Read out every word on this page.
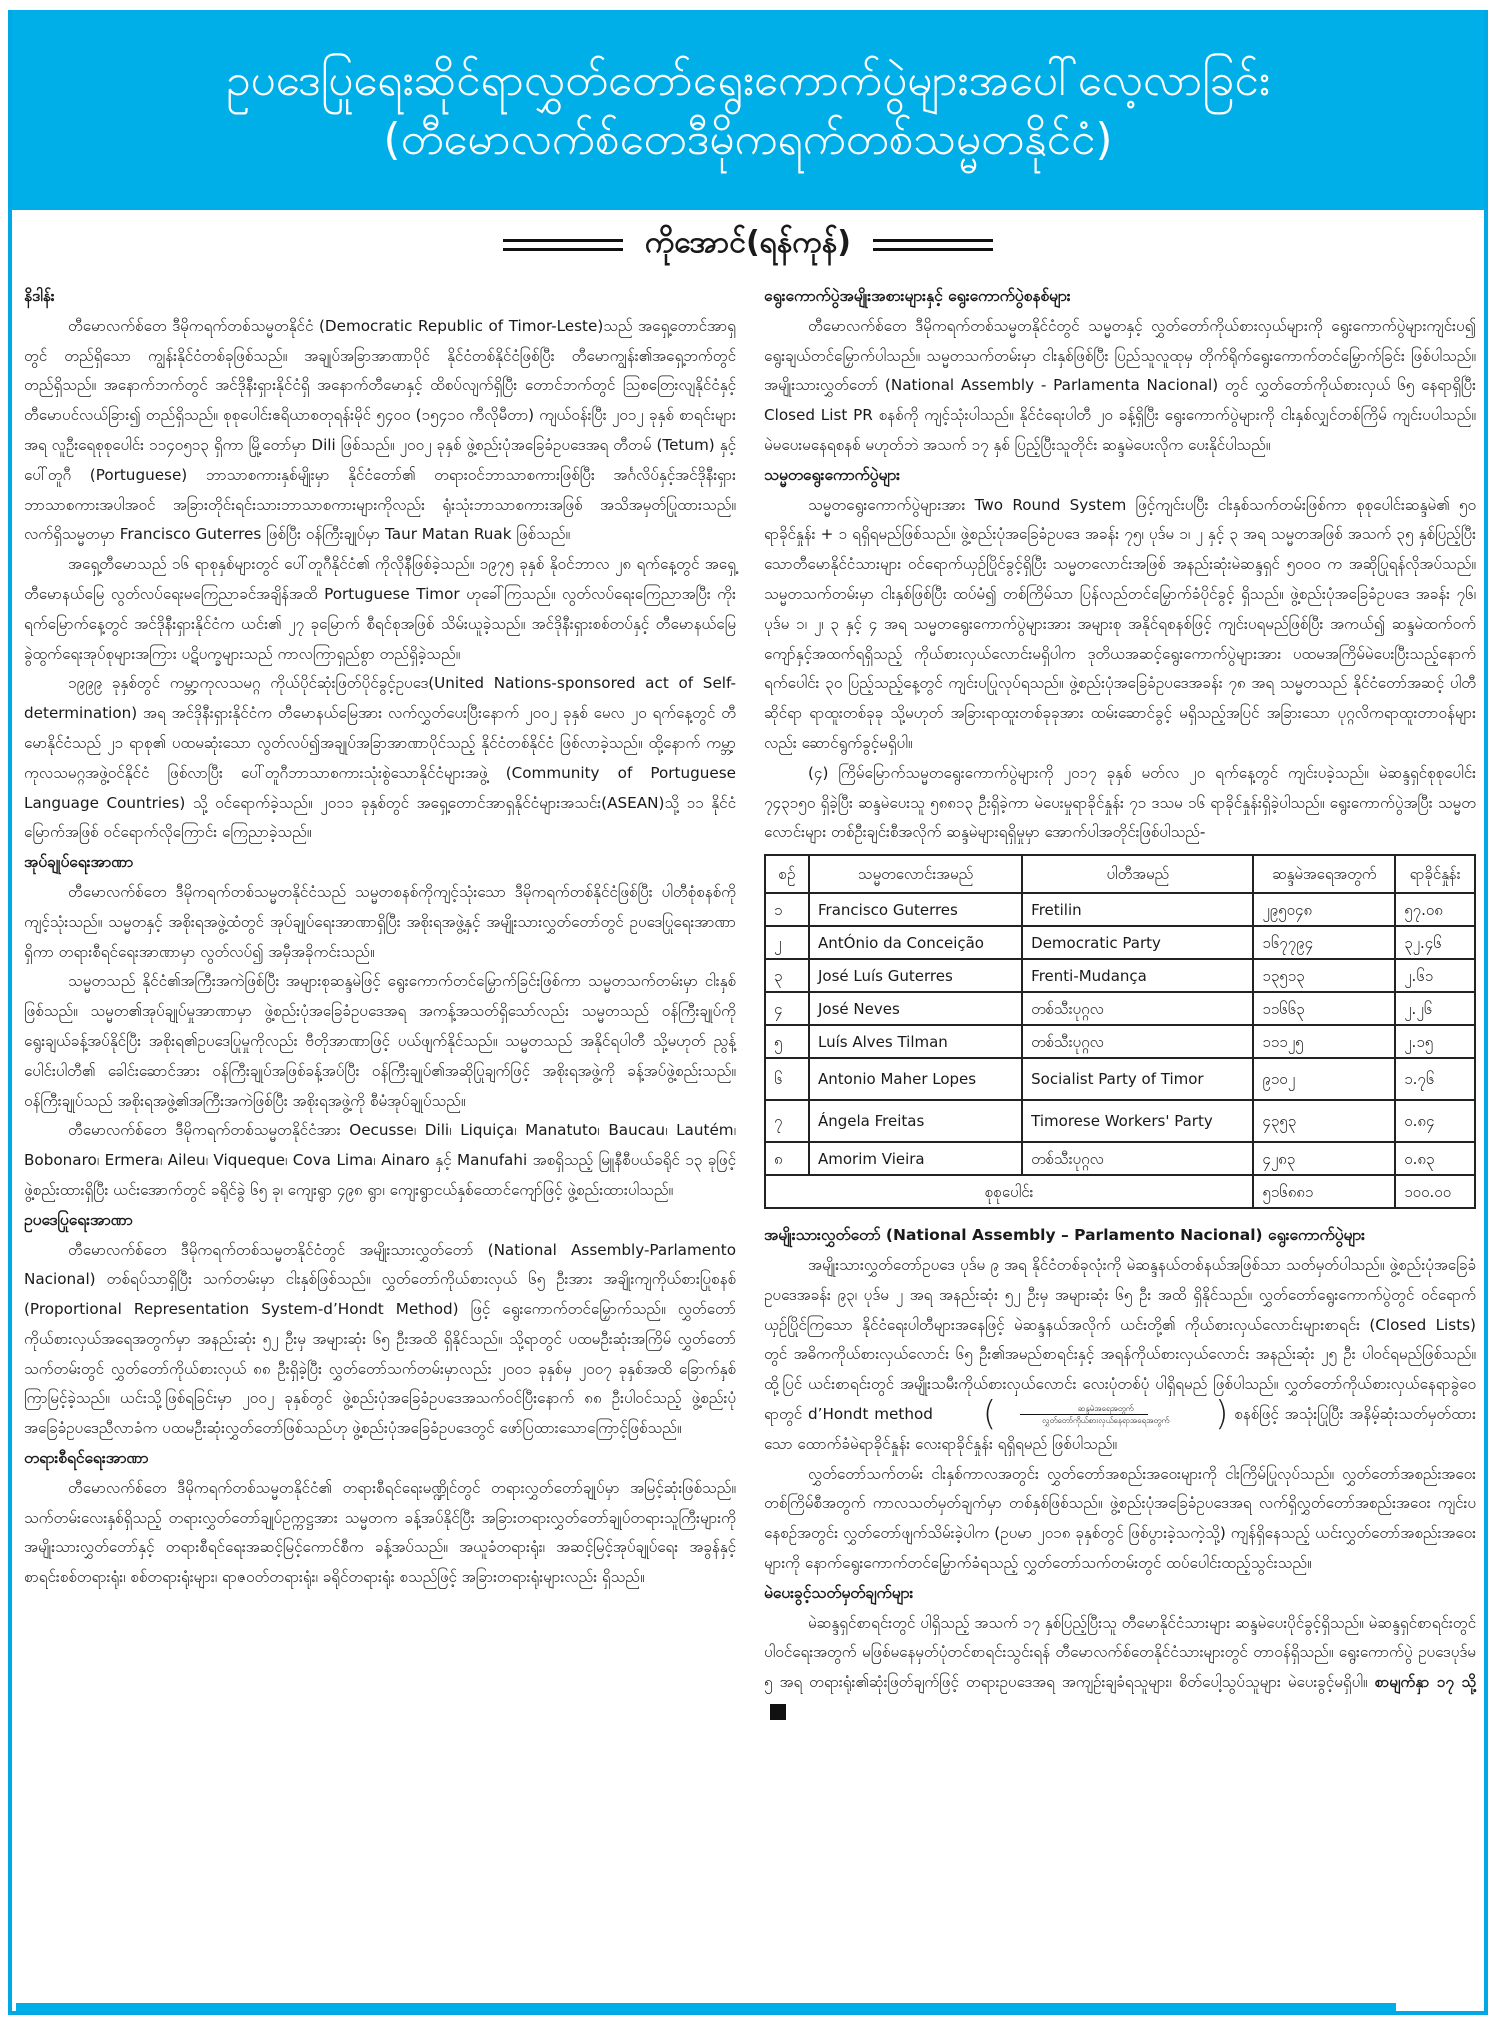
ဥပဒေပြုရေးဆိုင်ရာလွှတ်တော်ရွေးကောက်ပွဲများအပေါ်လေ့လာခြင်း
(တီမောလက်စ်တေဒီမိုကရက်တစ်သမ္မတနိုင်ငံ)
ကိုအောင်(ရန်ကုန်)
နိဒါန်း

တီမောလက်စ်တေ ဒီမိုကရက်တစ်သမ္မတနိုင်ငံ (Democratic Republic of Timor-Leste)သည် အရှေ့တောင်အာရှတွင် တည်ရှိသော ကျွန်းနိုင်ငံတစ်ခုဖြစ်သည်။ အချုပ်အခြာအာဏာပိုင် နိုင်ငံတစ်နိုင်ငံဖြစ်ပြီး တီမောကျွန်း၏အရှေ့ဘက်တွင် တည်ရှိသည်။ အနောက်ဘက်တွင် အင်ဒိုနီးရှားနိုင်ငံရှိ အနောက်တီမောနှင့် ထိစပ်လျက်ရှိပြီး တောင်ဘက်တွင် ဩစတြေးလျနိုင်ငံနှင့် တီမောပင်လယ်ခြား၍ တည်ရှိသည်။ စုစုပေါင်းဧရိယာစတုရန်းမိုင် ၅၄၀၀ (၁၅၄၁၀ ကီလိုမီတာ) ကျယ်ဝန်းပြီး ၂၀၁၂ ခုနှစ် စာရင်းများအရ လူဦးရေစုစုပေါင်း ၁၁၄၀၅၁၃ ရှိကာ မြို့တော်မှာ Dili ဖြစ်သည်။ ၂၀၀၂ ခုနှစ် ဖွဲ့စည်းပုံအခြေခံဥပဒေအရ တီတမ် (Tetum) နှင့် ပေါ်တူဂီ (Portuguese) ဘာသာစကားနှစ်မျိုးမှာ နိုင်ငံတော်၏ တရားဝင်ဘာသာစကားဖြစ်ပြီး အင်္ဂလိပ်နှင့်အင်ဒိုနီးရှားဘာသာစကားအပါအဝင် အခြားတိုင်းရင်းသားဘာသာစကားများကိုလည်း ရုံးသုံးဘာသာစကားအဖြစ် အသိအမှတ်ပြုထားသည်။ လက်ရှိသမ္မတမှာ Francisco Guterres ဖြစ်ပြီး ဝန်ကြီးချုပ်မှာ Taur Matan Ruak ဖြစ်သည်။

အရှေ့တီမောသည် ၁၆ ရာစုနှစ်များတွင် ပေါ်တူဂီနိုင်ငံ၏ ကိုလိုနီဖြစ်ခဲ့သည်။ ၁၉၇၅ ခုနှစ် နိုဝင်ဘာလ ၂၈ ရက်နေ့တွင် အရှေ့တီမောနယ်မြေ လွတ်လပ်ရေးမကြေညာခင်အချိန်အထိ Portuguese Timor ဟုခေါ်ကြသည်။ လွတ်လပ်ရေးကြေညာအပြီး ကိုးရက်မြောက်နေ့တွင် အင်ဒိုနီးရှားနိုင်ငံက ယင်း၏ ၂၇ ခုမြောက် စီရင်စုအဖြစ် သိမ်းယူခဲ့သည်။ အင်ဒိုနီးရှားစစ်တပ်နှင့် တီမောနယ်မြေ ခွဲထွက်ရေးအုပ်စုများအကြား ပဋိပက္ခများသည် ကာလကြာရှည်စွာ တည်ရှိခဲ့သည်။

၁၉၉၉ ခုနှစ်တွင် ကမ္ဘာ့ကုလသမဂ္ဂ ကိုယ်ပိုင်ဆုံးဖြတ်ပိုင်ခွင့်ဥပဒေ(United Nations-sponsored act of Self-determination) အရ အင်ဒိုနီးရှားနိုင်ငံက တီမောနယ်မြေအား လက်လွှတ်ပေးပြီးနောက် ၂၀၀၂ ခုနှစ် မေလ ၂၀ ရက်နေ့တွင် တီမောနိုင်ငံသည် ၂၁ ရာစု၏ ပထမဆုံးသော လွတ်လပ်၍အချုပ်အခြာအာဏာပိုင်သည့် နိုင်ငံတစ်နိုင်ငံ ဖြစ်လာခဲ့သည်။ ထို့နောက် ကမ္ဘာ့ကုလသမဂ္ဂအဖွဲ့ဝင်နိုင်ငံ ဖြစ်လာပြီး ပေါ်တူဂီဘာသာစကားသုံးစွဲသောနိုင်ငံများအဖွဲ့ (Community of Portuguese Language Countries) သို့ ဝင်ရောက်ခဲ့သည်။ ၂၀၁၁ ခုနှစ်တွင် အရှေ့တောင်အာရှနိုင်ငံများအသင်း(ASEAN)သို့ ၁၁ နိုင်ငံမြောက်အဖြစ် ဝင်ရောက်လိုကြောင်း ကြေညာခဲ့သည်။

အုပ်ချုပ်ရေးအာဏာ

တီမောလက်စ်တေ ဒီမိုကရက်တစ်သမ္မတနိုင်ငံသည် သမ္မတစနစ်ကိုကျင့်သုံးသော ဒီမိုကရက်တစ်နိုင်ငံဖြစ်ပြီး ပါတီစုံစနစ်ကို ကျင့်သုံးသည်။ သမ္မတနှင့် အစိုးရအဖွဲ့ထံတွင် အုပ်ချုပ်ရေးအာဏာရှိပြီး အစိုးရအဖွဲ့နှင့် အမျိုးသားလွှတ်တော်တွင် ဥပဒေပြုရေးအာဏာရှိကာ တရားစီရင်ရေးအာဏာမှာ လွတ်လပ်၍ အမှီအခိုကင်းသည်။

သမ္မတသည် နိုင်ငံ၏အကြီးအကဲဖြစ်ပြီး အများစုဆန္ဒမဲဖြင့် ရွေးကောက်တင်မြှောက်ခြင်းဖြစ်ကာ သမ္မတသက်တမ်းမှာ ငါးနှစ်ဖြစ်သည်။ သမ္မတ၏အုပ်ချုပ်မှုအာဏာမှာ ဖွဲ့စည်းပုံအခြေခံဥပဒေအရ အကန့်အသတ်ရှိသော်လည်း သမ္မတသည် ဝန်ကြီးချုပ်ကို ရွေးချယ်ခန့်အပ်နိုင်ပြီး အစိုးရ၏ဥပဒေပြုမှုကိုလည်း ဗီတိုအာဏာဖြင့် ပယ်ဖျက်နိုင်သည်။ သမ္မတသည် အနိုင်ရပါတီ သို့မဟုတ် ညွန့်ပေါင်းပါတီ၏ ခေါင်းဆောင်အား ဝန်ကြီးချုပ်အဖြစ်ခန့်အပ်ပြီး ဝန်ကြီးချုပ်၏အဆိုပြုချက်ဖြင့် အစိုးရအဖွဲ့ကို ခန့်အပ်ဖွဲ့စည်းသည်။ ဝန်ကြီးချုပ်သည် အစိုးရအဖွဲ့၏အကြီးအကဲဖြစ်ပြီး အစိုးရအဖွဲ့ကို စီမံအုပ်ချုပ်သည်။

တီမောလက်စ်တေ ဒီမိုကရက်တစ်သမ္မတနိုင်ငံအား Oecusse၊ Dili၊ Liquiça၊ Manatuto၊ Baucau၊ Lautém၊ Bobonaro၊ Ermera၊ Aileu၊ Viqueque၊ Cova Lima၊ Ainaro နှင့် Manufahi အစရှိသည့် မြူနီစီပယ်ခရိုင် ၁၃ ခုဖြင့် ဖွဲ့စည်းထားရှိပြီး ယင်းအောက်တွင် ခရိုင်ခွဲ ၆၅ ခု၊ ကျေးရွာ ၄၉၈ ရွာ၊ ကျေးရွာငယ်နှစ်ထောင်ကျော်ဖြင့် ဖွဲ့စည်းထားပါသည်။

ဥပဒေပြုရေးအာဏာ

တီမောလက်စ်တေ ဒီမိုကရက်တစ်သမ္မတနိုင်ငံတွင် အမျိုးသားလွှတ်တော် (National Assembly-Parlamento Nacional) တစ်ရပ်သာရှိပြီး သက်တမ်းမှာ ငါးနှစ်ဖြစ်သည်။ လွှတ်တော်ကိုယ်စားလှယ် ၆၅ ဦးအား အချိုးကျကိုယ်စားပြုစနစ် (Proportional Representation System-d’Hondt Method) ဖြင့် ရွေးကောက်တင်မြှောက်သည်။ လွှတ်တော်ကိုယ်စားလှယ်အရေအတွက်မှာ အနည်းဆုံး ၅၂ ဦးမှ အများဆုံး ၆၅ ဦးအထိ ရှိနိုင်သည်။ သို့ရာတွင် ပထမဦးဆုံးအကြိမ် လွှတ်တော်သက်တမ်းတွင် လွှတ်တော်ကိုယ်စားလှယ် ၈၈ ဦးရှိခဲ့ပြီး လွှတ်တော်သက်တမ်းမှာလည်း ၂၀၀၁ ခုနှစ်မှ ၂၀၀၇ ခုနှစ်အထိ ခြောက်နှစ်ကြာမြင့်ခဲ့သည်။ ယင်းသို့ဖြစ်ရခြင်းမှာ ၂၀၀၂ ခုနှစ်တွင် ဖွဲ့စည်းပုံအခြေခံဥပဒေအသက်ဝင်ပြီးနောက် ၈၈ ဦးပါဝင်သည့် ဖွဲ့စည်းပုံအခြေခံဥပဒေညီလာခံက ပထမဦးဆုံးလွှတ်တော်ဖြစ်သည်ဟု ဖွဲ့စည်းပုံအခြေခံဥပဒေတွင် ဖော်ပြထားသောကြောင့်ဖြစ်သည်။

တရားစီရင်ရေးအာဏာ

တီမောလက်စ်တေ ဒီမိုကရက်တစ်သမ္မတနိုင်ငံ၏ တရားစီရင်ရေးမဏ္ဍိုင်တွင် တရားလွှတ်တော်ချုပ်မှာ အမြင့်ဆုံးဖြစ်သည်။ သက်တမ်းလေးနှစ်ရှိသည့် တရားလွှတ်တော်ချုပ်ဥက္ကဋ္ဌအား သမ္မတက ခန့်အပ်နိုင်ပြီး အခြားတရားလွှတ်တော်ချုပ်တရားသူကြီးများကို အမျိုးသားလွှတ်တော်နှင့် တရားစီရင်ရေးအဆင့်မြင့်ကောင်စီက ခန့်အပ်သည်။ အယူခံတရားရုံး၊ အဆင့်မြင့်အုပ်ချုပ်ရေး အခွန်နှင့် စာရင်းစစ်တရားရုံး၊ စစ်တရားရုံးများ၊ ရာဇဝတ်တရားရုံး၊ ခရိုင်တရားရုံး စသည်ဖြင့် အခြားတရားရုံးများလည်း ရှိသည်။

ရွေးကောက်ပွဲအမျိုးအစားများနှင့် ရွေးကောက်ပွဲစနစ်များ

တီမောလက်စ်တေ ဒီမိုကရက်တစ်သမ္မတနိုင်ငံတွင် သမ္မတနှင့် လွှတ်တော်ကိုယ်စားလှယ်များကို ရွေးကောက်ပွဲများကျင်းပ၍ ရွေးချယ်တင်မြှောက်ပါသည်။ သမ္မတသက်တမ်းမှာ ငါးနှစ်ဖြစ်ပြီး ပြည်သူလူထုမှ တိုက်ရိုက်ရွေးကောက်တင်မြှောက်ခြင်း ဖြစ်ပါသည်။ အမျိုးသားလွှတ်တော် (National Assembly - Parlamenta Nacional) တွင် လွှတ်တော်ကိုယ်စားလှယ် ၆၅ နေရာရှိပြီး Closed List PR စနစ်ကို ကျင့်သုံးပါသည်။ နိုင်ငံရေးပါတီ ၂၀ ခန့်ရှိပြီး ရွေးကောက်ပွဲများကို ငါးနှစ်လျှင်တစ်ကြိမ် ကျင်းပပါသည်။ မဲမပေးမနေရစနစ် မဟုတ်ဘဲ အသက် ၁၇ နှစ် ပြည့်ပြီးသူတိုင်း ဆန္ဒမဲပေးလိုက ပေးနိုင်ပါသည်။

သမ္မတရွေးကောက်ပွဲများ

သမ္မတရွေးကောက်ပွဲများအား Two Round System ဖြင့်ကျင်းပပြီး ငါးနှစ်သက်တမ်းဖြစ်ကာ စုစုပေါင်းဆန္ဒမဲ၏ ၅၀ ရာခိုင်နှုန်း + ၁ ရရှိရမည်ဖြစ်သည်။ ဖွဲ့စည်းပုံအခြေခံဥပဒေ အခန်း ၇၅၊ ပုဒ်မ ၁၊ ၂ နှင့် ၃ အရ သမ္မတအဖြစ် အသက် ၃၅ နှစ်ပြည့်ပြီးသောတီမောနိုင်ငံသားများ ဝင်ရောက်ယှဉ်ပြိုင်ခွင့်ရှိပြီး သမ္မတလောင်းအဖြစ် အနည်းဆုံးမဲဆန္ဒရှင် ၅၀၀၀ က အဆိုပြုရန်လိုအပ်သည်။ သမ္မတသက်တမ်းမှာ ငါးနှစ်ဖြစ်ပြီး ထပ်မံ၍ တစ်ကြိမ်သာ ပြန်လည်တင်မြှောက်ခံပိုင်ခွင့် ရှိသည်။ ဖွဲ့စည်းပုံအခြေခံဥပဒေ အခန်း ၇၆၊ ပုဒ်မ ၁၊ ၂၊ ၃ နှင့် ၄ အရ သမ္မတရွေးကောက်ပွဲများအား အများစု အနိုင်ရစနစ်ဖြင့် ကျင်းပရမည်ဖြစ်ပြီး အကယ်၍ ဆန္ဒမဲထက်ဝက်ကျော်နှင့်အထက်ရရှိသည့် ကိုယ်စားလှယ်လောင်းမရှိပါက ဒုတိယအဆင့်ရွေးကောက်ပွဲများအား ပထမအကြိမ်မဲပေးပြီးသည့်နောက် ရက်ပေါင်း ၃၀ ပြည့်သည့်နေ့တွင် ကျင်းပပြုလုပ်ရသည်။ ဖွဲ့စည်းပုံအခြေခံဥပဒေအခန်း ၇၈ အရ သမ္မတသည် နိုင်ငံတော်အဆင့် ပါတီဆိုင်ရာ ရာထူးတစ်ခုခု သို့မဟုတ် အခြားရာထူးတစ်ခုခုအား ထမ်းဆောင်ခွင့် မရှိသည့်အပြင် အခြားသော ပုဂ္ဂလိကရာထူးတာဝန်များလည်း ဆောင်ရွက်ခွင့်မရှိပါ။

(၄) ကြိမ်မြောက်သမ္မတရွေးကောက်ပွဲများကို ၂၀၁၇ ခုနှစ် မတ်လ ၂၀ ရက်နေ့တွင် ကျင်းပခဲ့သည်။ မဲဆန္ဒရှင်စုစုပေါင်း ၇၄၃၁၅၀ ရှိခဲ့ပြီး ဆန္ဒမဲပေးသူ ၅၈၈၁၃ ဦးရှိခဲ့ကာ မဲပေးမှုရာခိုင်နှုန်း ၇၁ ဒသမ ၁၆ ရာခိုင်နှုန်းရှိခဲ့ပါသည်။ ရွေးကောက်ပွဲအပြီး သမ္မတလောင်းများ တစ်ဦးချင်းစီအလိုက် ဆန္ဒမဲများရရှိမှုမှာ အောက်ပါအတိုင်းဖြစ်ပါသည်-

စဉ်	သမ္မတလောင်းအမည်	ပါတီအမည်	ဆန္ဒမဲအရေအတွက်	ရာခိုင်နှုန်း
၁	Francisco Guterres	Fretilin	၂၉၅၀၄၈	၅၇.၀၈
၂	AntÓnio da Conceição	Democratic Party	၁၆၇၇၉၄	၃၂.၄၆
၃	José Luís Guterres	Frenti-Mudança	၁၃၅၁၃	၂.၆၁
၄	José Neves	တစ်သီးပုဂ္ဂလ	၁၁၆၆၃	၂.၂၆
၅	Luís Alves Tilman	တစ်သီးပုဂ္ဂလ	၁၁၁၂၅	၂.၁၅
၆	Antonio Maher Lopes	Socialist Party of Timor	၉၁၀၂	၁.၇၆
၇	Ángela Freitas	Timorese Workers' Party	၄၃၅၃	၀.၈၄
၈	Amorim Vieira	တစ်သီးပုဂ္ဂလ	၄၂၈၃	၀.၈၃
စုစုပေါင်း			၅၁၆၈၈၁	၁၀၀.၀၀
အမျိုးသားလွှတ်တော် (National Assembly – Parlamento Nacional) ရွေးကောက်ပွဲများ

အမျိုးသားလွှတ်တော်ဥပဒေ ပုဒ်မ ၉ အရ နိုင်ငံတစ်ခုလုံးကို မဲဆန္ဒနယ်တစ်နယ်အဖြစ်သာ သတ်မှတ်ပါသည်။ ဖွဲ့စည်းပုံအခြေခံဥပဒေအခန်း ၉၃၊ ပုဒ်မ ၂ အရ အနည်းဆုံး ၅၂ ဦးမှ အများဆုံး ၆၅ ဦး အထိ ရှိနိုင်သည်။ လွှတ်တော်ရွေးကောက်ပွဲတွင် ဝင်ရောက်ယှဉ်ပြိုင်ကြသော နိုင်ငံရေးပါတီများအနေဖြင့် မဲဆန္ဒနယ်အလိုက် ယင်းတို့၏ ကိုယ်စားလှယ်လောင်းများစာရင်း (Closed Lists) တွင် အဓိကကိုယ်စားလှယ်လောင်း ၆၅ ဦး၏အမည်စာရင်းနှင့် အရန်ကိုယ်စားလှယ်လောင်း အနည်းဆုံး ၂၅ ဦး ပါဝင်ရမည်ဖြစ်သည်။ ထို့ပြင် ယင်းစာရင်းတွင် အမျိုးသမီးကိုယ်စားလှယ်လောင်း လေးပုံတစ်ပုံ ပါရှိရမည် ဖြစ်ပါသည်။ လွှတ်တော်ကိုယ်စားလှယ်နေရာခွဲဝေရာတွင် d’Hondt method	( $\frac{\text{ဆန္ဒမဲအရေအတွက်}}{\text{လွှတ်တော်ကိုယ်စားလှယ်နေရာအရေအတွက်}}$	) စနစ်ဖြင့် အသုံးပြုပြီး အနိမ့်ဆုံးသတ်မှတ်ထားသော ထောက်ခံမဲရာခိုင်နှုန်း လေးရာခိုင်နှုန်း ရရှိရမည် ဖြစ်ပါသည်။

လွှတ်တော်သက်တမ်း ငါးနှစ်ကာလအတွင်း လွှတ်တော်အစည်းအဝေးများကို ငါးကြိမ်ပြုလုပ်သည်။ လွှတ်တော်အစည်းအဝေး တစ်ကြိမ်စီအတွက် ကာလသတ်မှတ်ချက်မှာ တစ်နှစ်ဖြစ်သည်။ ဖွဲ့စည်းပုံအခြေခံဥပဒေအရ လက်ရှိလွှတ်တော်အစည်းအဝေး ကျင်းပနေစဉ်အတွင်း လွှတ်တော်ဖျက်သိမ်းခဲ့ပါက (ဥပမာ ၂၀၁၈ ခုနှစ်တွင် ဖြစ်ပွားခဲ့သကဲ့သို့) ကျန်ရှိနေသည့် ယင်းလွှတ်တော်အစည်းအဝေးများကို နောက်ရွေးကောက်တင်မြှောက်ခံရသည့် လွှတ်တော်သက်တမ်းတွင် ထပ်ပေါင်းထည့်သွင်းသည်။

မဲပေးခွင့်သတ်မှတ်ချက်များ

မဲဆန္ဒရှင်စာရင်းတွင် ပါရှိသည့် အသက် ၁၇ နှစ်ပြည့်ပြီးသူ တီမောနိုင်ငံသားများ ဆန္ဒမဲပေးပိုင်ခွင့်ရှိသည်။ မဲဆန္ဒရှင်စာရင်းတွင် ပါဝင်ရေးအတွက် မဖြစ်မနေမှတ်ပုံတင်စာရင်းသွင်းရန် တီမောလက်စ်တေနိုင်ငံသားများတွင် တာဝန်ရှိသည်။ ရွေးကောက်ပွဲ ဥပဒေပုဒ်မ ၅ အရ တရားရုံး၏ဆုံးဖြတ်ချက်ဖြင့် တရားဥပဒေအရ အကျဉ်းချခံရသူများ၊ စိတ်ပေါ့သွပ်သူများ မဲပေးခွင့်မရှိပါ။ စာမျက်နှာ ၁၇ သို့
